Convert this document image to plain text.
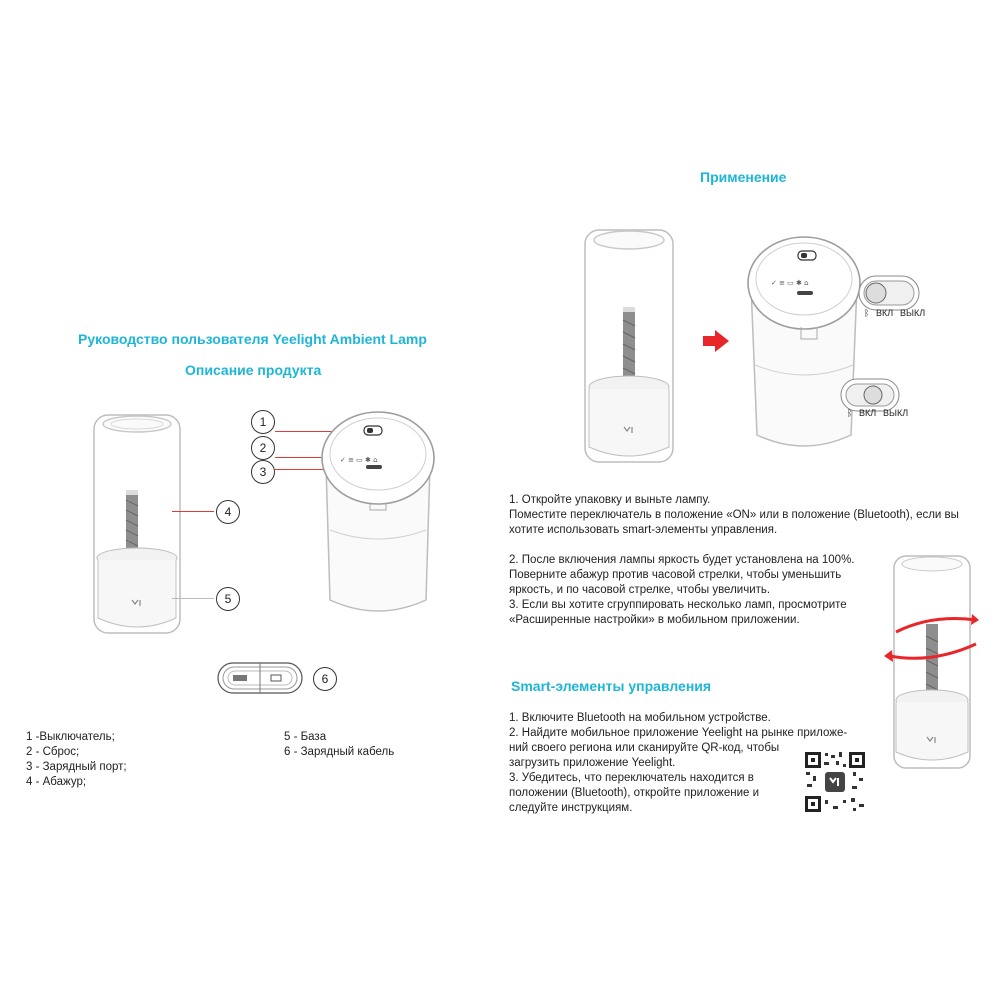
Руководство пользователя Yeelight Ambient Lamp
Описание продукта
4
5
1
2
3
✓ ≡ ▭ ✱ ⌂
6
1 -Выключатель;
2 - Сброс;
3 - Зарядный порт;
4 - Абажур;
5 - База
6 - Зарядный кабель
Применение
✓ ≡ ▭ ✱ ⌂
ᛒ ВКЛ ВЫКЛ
ᛒ ВКЛ ВЫКЛ
1. Откройте упаковку и выньте лампу.
Поместите переключатель в положение «ON» или в положение (Bluetooth), если вы
хотите использовать smart-элементы управления.
2. После включения лампы яркость будет установлена на 100%.
Поверните абажур против часовой стрелки, чтобы уменьшить
яркость, и по часовой стрелке, чтобы увеличить.
3. Если вы хотите сгруппировать несколько ламп, просмотрите
«Расширенные настройки» в мобильном приложении.
Smart-элементы управления
1. Включите Bluetooth на мобильном устройстве.
2. Найдите мобильное приложение Yeelight на рынке приложе-
ний своего региона или сканируйте QR-код, чтобы
загрузить приложение Yeelight.
3. Убедитесь, что переключатель находится в
положении (Bluetooth), откройте приложение и
следуйте инструкциям.
